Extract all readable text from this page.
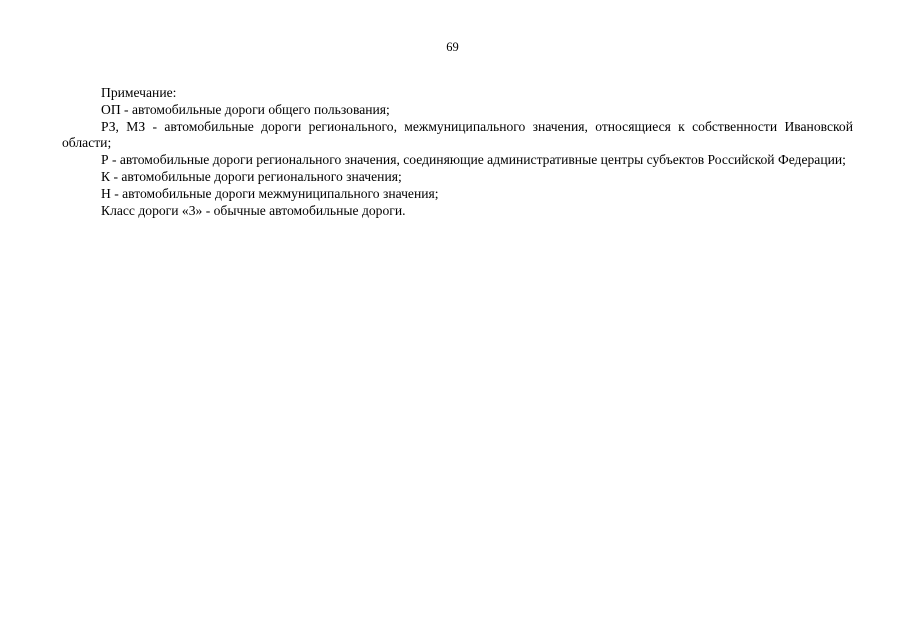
69

Примечание:

ОП - автомобильные дороги общего пользования;

РЗ, МЗ - автомобильные дороги регионального, межмуниципального значения, относящиеся к собственности Ивановской области;

Р - автомобильные дороги регионального значения, соединяющие административные центры субъектов Российской Федерации;

К - автомобильные дороги регионального значения;

Н - автомобильные дороги межмуниципального значения;

Класс дороги «3» - обычные автомобильные дороги.
